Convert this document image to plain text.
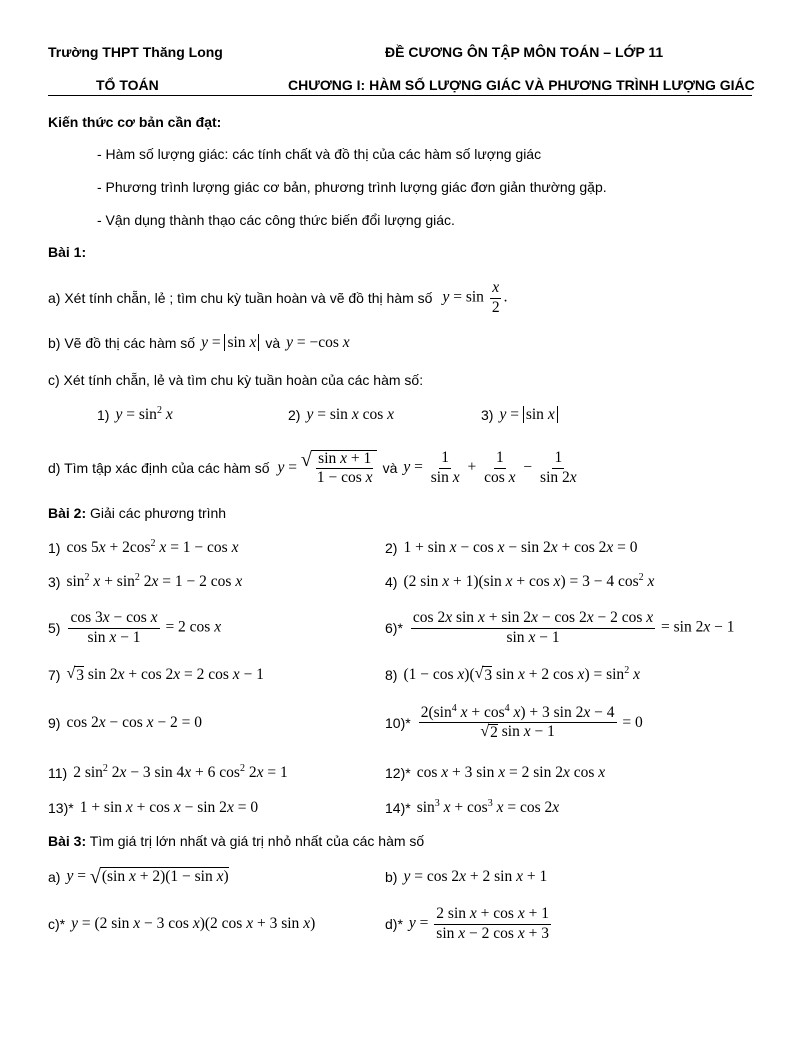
Trường THPT Thăng Long	ĐỀ CƯƠNG ÔN TẬP MÔN TOÁN – LỚP 11
TỔ TOÁN	CHƯƠNG I: HÀM SỐ LƯỢNG GIÁC VÀ PHƯƠNG TRÌNH LƯỢNG GIÁC
Kiến thức cơ bản cần đạt:
- Hàm số lượng giác: các tính chất và đồ thị của các hàm số lượng giác
- Phương trình lượng giác cơ bản, phương trình lượng giác đơn giản thường gặp.
- Vận dụng thành thạo các công thức biến đổi lượng giác.
Bài 1:
a) Xét tính chẵn, lẻ ; tìm chu kỳ tuần hoàn và vẽ đồ thị hàm số $y = \sin \frac{x}{2}$ .
b) Vẽ đồ thị các hàm số y = sin x và y = −cos x
c) Xét tính chẵn, lẻ và tìm chu kỳ tuần hoàn của các hàm số:
1) $y = \sin^2 x$	2) y = sin x cos x	3) y = sin x
d) Tìm tập xác định của các hàm số y = √ $\frac{\text{sin x + 1}}{\text{1 − cos x}}$ và $y = \frac{1}{\text{sin x}} + \frac{1}{\text{cos x}} - \frac{1}{\sin 2x}$
Bài 2: Giải các phương trình
1) $\cos 5x + 2\cos^2$ x = 1 − cos x	2) 1 + sin x − cos x − sin 2x + cos 2x = 0
3) $\sin^2 x + \sin^2 2x = 1 - 2$ cos x	4) (2 sin x + 1)(sin x + cos x) = 3 − 4 $\cos^2 x$
$5) \frac{\text{cos 3x − cos x}}{\text{sin x − 1}} = 2$ cos x	$6)* \frac{\text{cos 2x sin x + sin 2x − cos 2x − 2 cos x}}{\text{sin x − 1}} = \sin 2x - 1$
7) √ 3 sin 2x + cos 2x = 2 cos x − 1	8) (1 − cos x)( √ 3 sin x + 2 $\cos x) = \sin^2 x$
9) cos 2x − cos x − 2 = 0	$10)* \frac{2(\sin^4 x + \cos^4 x) + 3 \sin 2x - 4}{\text{√ 2 sin x − 1}} = 0$
11) 2 $\sin^2 2x - 3$ sin 4x + 6 $\cos^2 2x = 1$	12)* cos x + 3 sin x = 2 sin 2x cos x
13)* 1 + sin x + cos x − sin 2x = 0	14)* $\sin^3 x + \cos^3 x = \cos 2x$
Bài 3: Tìm giá trị lớn nhất và giá trị nhỏ nhất của các hàm số
a) y = √ (sin x + 2)(1 − sin x)	b) y = cos 2x + 2 sin x + 1
c)* y = (2 sin x − 3 cos x)(2 cos x + 3 sin x)	d)* $y = \frac{\text{2 sin x + cos x + 1}}{\text{sin x − 2 cos x + 3}}$
